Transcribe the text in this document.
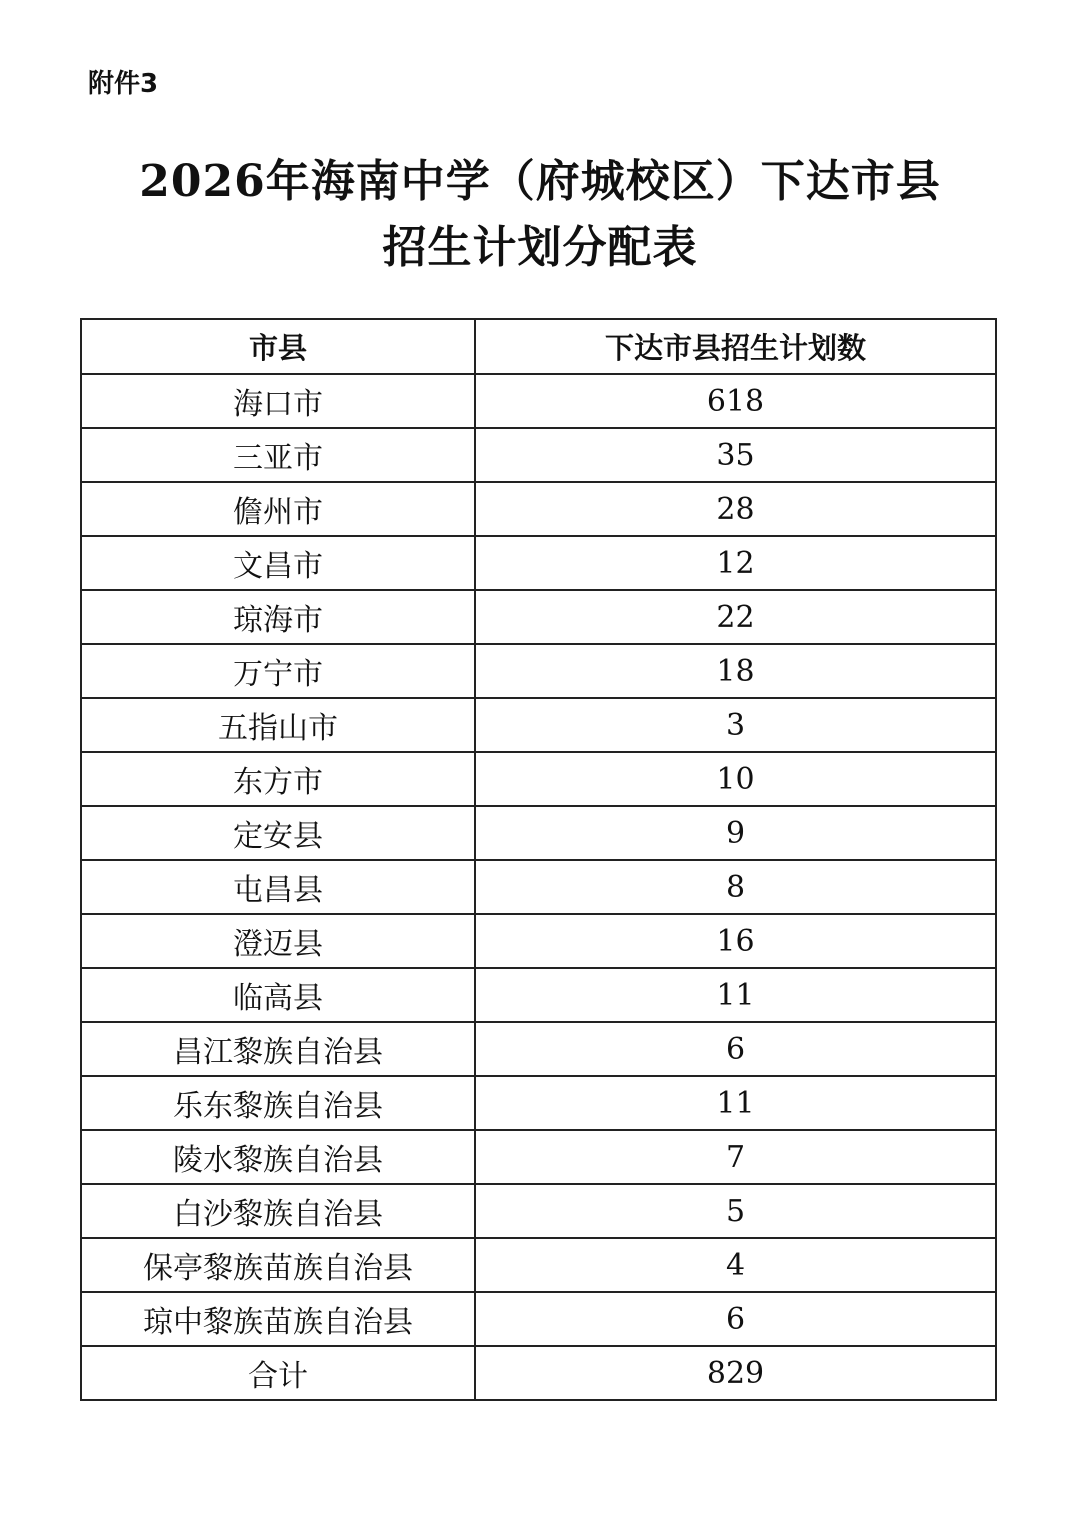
附件3
2026年海南中学（府城校区）下达市县
招生计划分配表
市县	下达市县招生计划数
海口市	618
三亚市	35
儋州市	28
文昌市	12
琼海市	22
万宁市	18
五指山市	3
东方市	10
定安县	9
屯昌县	8
澄迈县	16
临高县	11
昌江黎族自治县	6
乐东黎族自治县	11
陵水黎族自治县	7
白沙黎族自治县	5
保亭黎族苗族自治县	4
琼中黎族苗族自治县	6
合计	829
